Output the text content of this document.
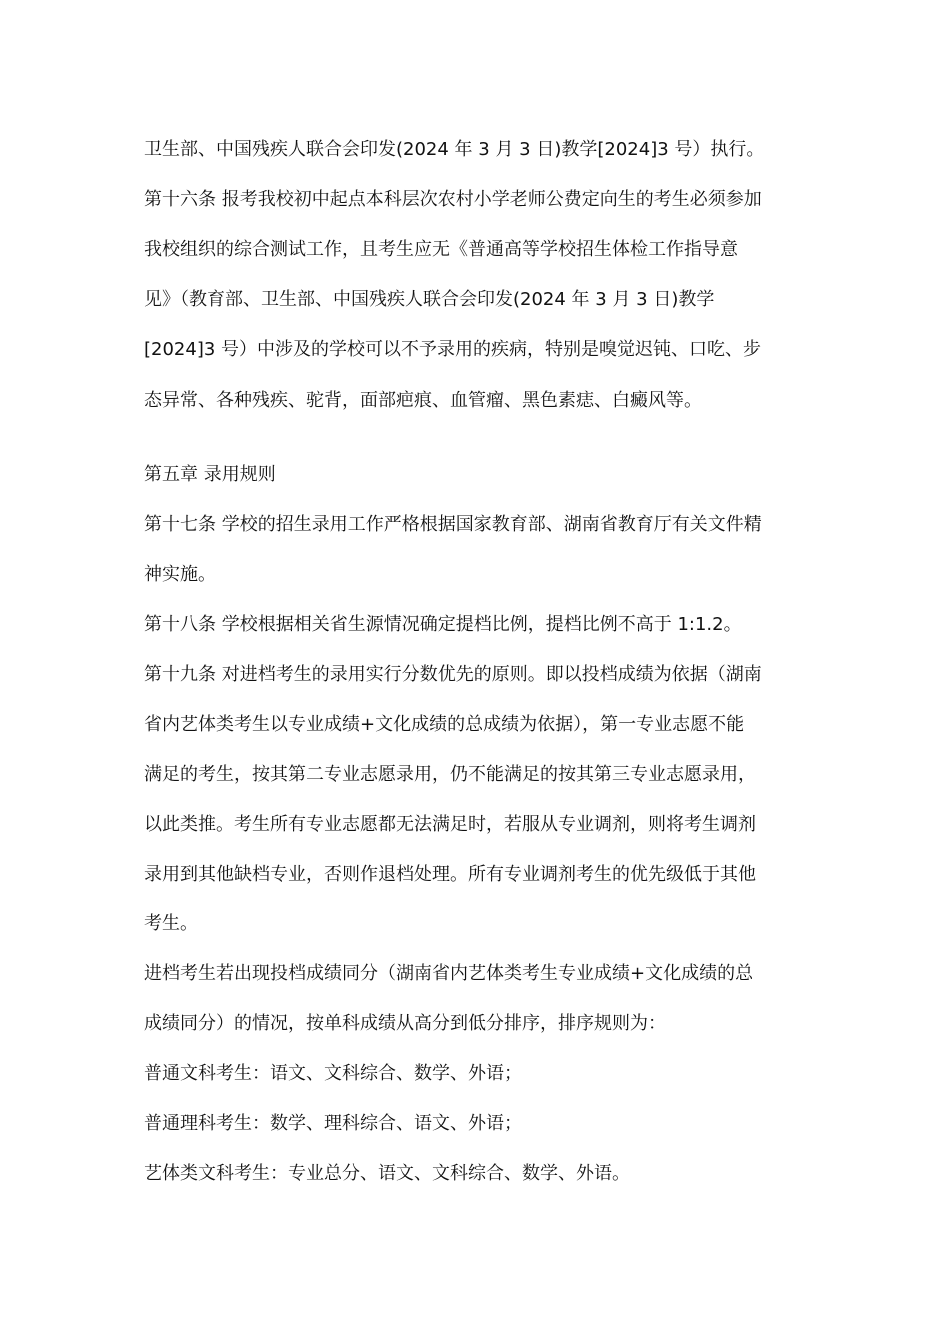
卫生部、中国残疾人联合会印发(2024 年 3 月 3 日)教学[2024]3 号）执行。
第十六条 报考我校初中起点本科层次农村小学老师公费定向生的考生必须参加
我校组织的综合测试工作，且考生应无《普通高等学校招生体检工作指导意
见》（教育部、卫生部、中国残疾人联合会印发(2024 年 3 月 3 日)教学
[2024]3 号）中涉及的学校可以不予录用的疾病，特别是嗅觉迟钝、口吃、步
态异常、各种残疾、驼背，面部疤痕、血管瘤、黑色素痣、白癜风等。
第五章 录用规则
第十七条 学校的招生录用工作严格根据国家教育部、湖南省教育厅有关文件精
神实施。
第十八条 学校根据相关省生源情况确定提档比例，提档比例不高于 1:1.2。
第十九条 对进档考生的录用实行分数优先的原则。即以投档成绩为依据（湖南
省内艺体类考生以专业成绩+文化成绩的总成绩为依据），第一专业志愿不能
满足的考生，按其第二专业志愿录用，仍不能满足的按其第三专业志愿录用，
以此类推。考生所有专业志愿都无法满足时，若服从专业调剂，则将考生调剂
录用到其他缺档专业，否则作退档处理。所有专业调剂考生的优先级低于其他
考生。
进档考生若出现投档成绩同分（湖南省内艺体类考生专业成绩+文化成绩的总
成绩同分）的情况，按单科成绩从高分到低分排序，排序规则为：
普通文科考生：语文、文科综合、数学、外语；
普通理科考生：数学、理科综合、语文、外语；
艺体类文科考生：专业总分、语文、文科综合、数学、外语。
